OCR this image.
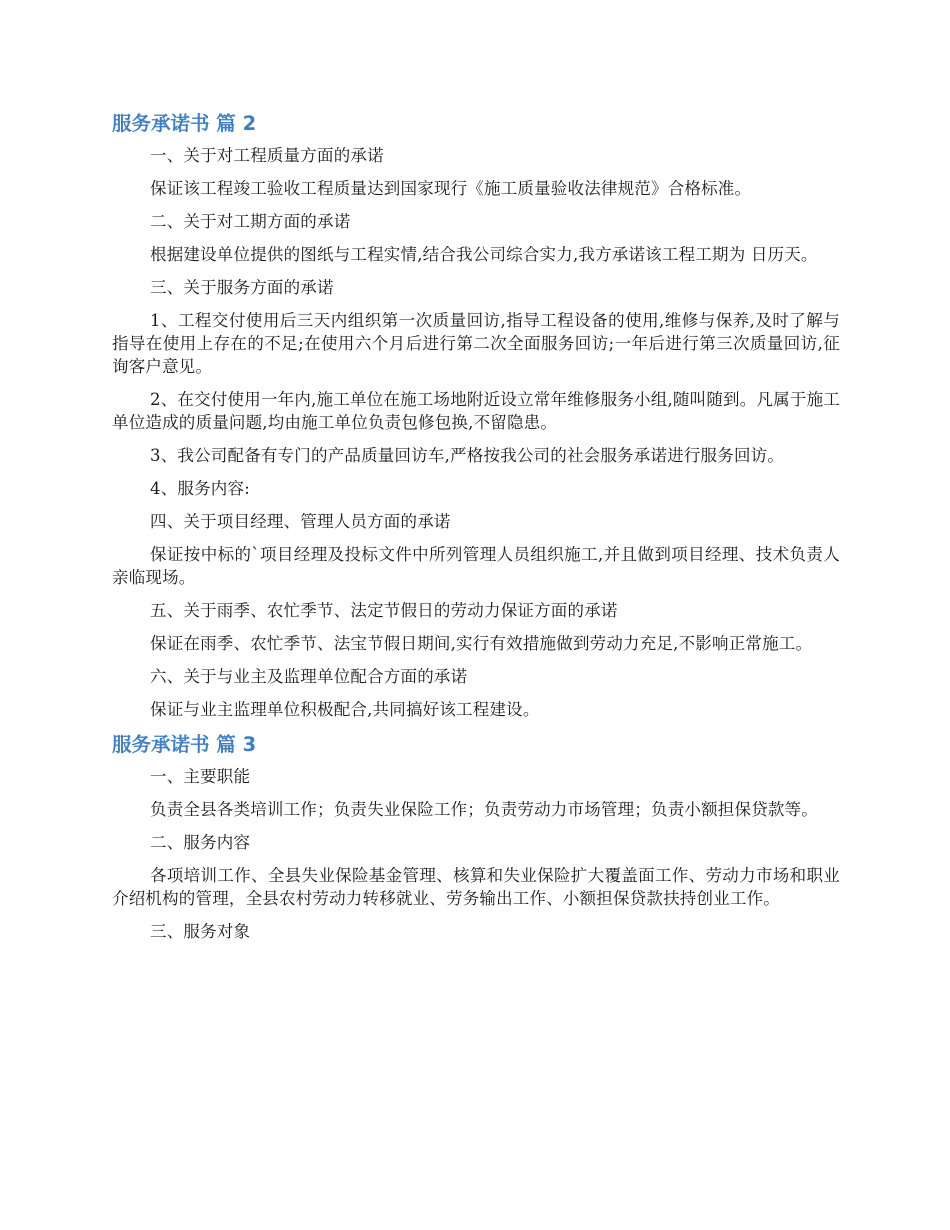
服务承诺书 篇 2

一、关于对工程质量方面的承诺

保证该工程竣工验收工程质量达到国家现行《施工质量验收法律规范》合格标准。

二、关于对工期方面的承诺

根据建设单位提供的图纸与工程实情,结合我公司综合实力,我方承诺该工程工期为 日历天。

三、关于服务方面的承诺

1、工程交付使用后三天内组织第一次质量回访,指导工程设备的使用,维修与保养,及时了解与指导在使用上存在的不足;在使用六个月后进行第二次全面服务回访;一年后进行第三次质量回访,征询客户意见。

2、在交付使用一年内,施工单位在施工场地附近设立常年维修服务小组,随叫随到。凡属于施工单位造成的质量问题,均由施工单位负责包修包换,不留隐患。

3、我公司配备有专门的产品质量回访车,严格按我公司的社会服务承诺进行服务回访。

4、服务内容:

四、关于项目经理、管理人员方面的承诺

保证按中标的`项目经理及投标文件中所列管理人员组织施工,并且做到项目经理、技术负责人亲临现场。

五、关于雨季、农忙季节、法定节假日的劳动力保证方面的承诺

保证在雨季、农忙季节、法宝节假日期间,实行有效措施做到劳动力充足,不影响正常施工。

六、关于与业主及监理单位配合方面的承诺

保证与业主监理单位积极配合,共同搞好该工程建设。

服务承诺书 篇 3

一、主要职能

负责全县各类培训工作；负责失业保险工作；负责劳动力市场管理；负责小额担保贷款等。

二、服务内容

各项培训工作、全县失业保险基金管理、核算和失业保险扩大覆盖面工作、劳动力市场和职业介绍机构的管理，全县农村劳动力转移就业、劳务输出工作、小额担保贷款扶持创业工作。

三、服务对象
